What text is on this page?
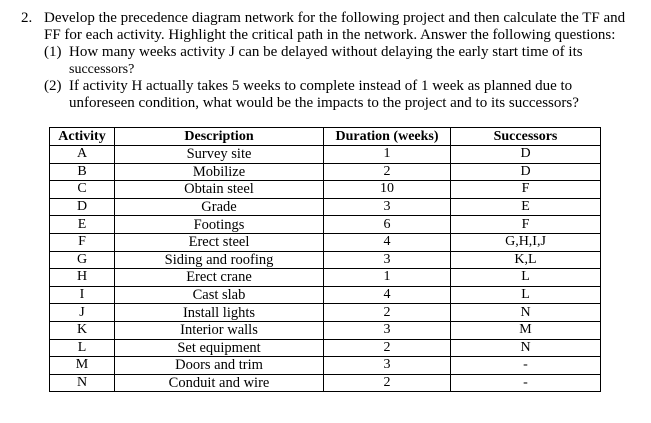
2. Develop the precedence diagram network for the following project and then calculate the TF and
FF for each activity. Highlight the critical path in the network. Answer the following questions:
(1) How many weeks activity J can be delayed without delaying the early start time of its
successors?
(2) If activity H actually takes 5 weeks to complete instead of 1 week as planned due to
unforeseen condition, what would be the impacts to the project and to its successors?
Activity	Description	Duration (weeks)	Successors
A	Survey site	1	D
B	Mobilize	2	D
C	Obtain steel	10	F
D	Grade	3	E
E	Footings	6	F
F	Erect steel	4	G,H,I,J
G	Siding and roofing	3	K,L
H	Erect crane	1	L
I	Cast slab	4	L
J	Install lights	2	N
K	Interior walls	3	M
L	Set equipment	2	N
M	Doors and trim	3	-
N	Conduit and wire	2	-
